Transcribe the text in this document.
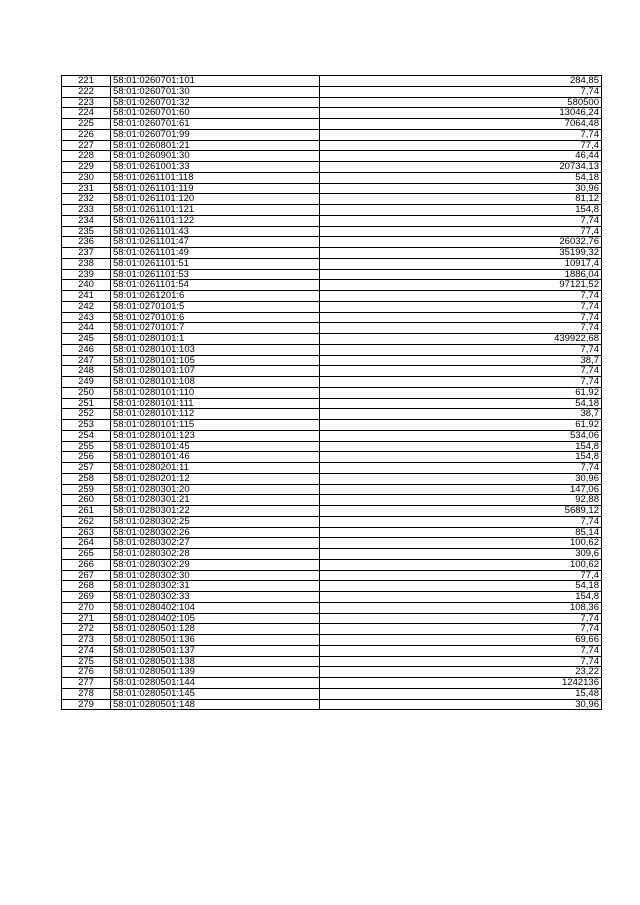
221	58:01:0260701:101	284,85
222	58:01:0260701:30	7,74
223	58:01:0260701:32	580500
224	58:01:0260701:60	13046,24
225	58:01:0260701:61	7064,48
226	58:01:0260701:99	7,74
227	58:01:0260801:21	77,4
228	58:01:0260901:30	46,44
229	58:01:0261001:33	20734,13
230	58:01:0261101:118	54,18
231	58:01:0261101:119	30,96
232	58:01:0261101:120	81,12
233	58:01:0261101:121	154,8
234	58:01:0261101:122	7,74
235	58:01:0261101:43	77,4
236	58:01:0261101:47	26032,76
237	58:01:0261101:49	35199,32
238	58:01:0261101:51	10917,4
239	58:01:0261101:53	1886,04
240	58:01:0261101:54	97121,52
241	58:01:0261201:6	7,74
242	58:01:0270101:5	7,74
243	58:01:0270101:6	7,74
244	58:01:0270101:7	7,74
245	58:01:0280101:1	439922,68
246	58:01:0280101:103	7,74
247	58:01:0280101:105	38,7
248	58:01:0280101:107	7,74
249	58:01:0280101:108	7,74
250	58:01:0280101:110	61,92
251	58:01:0280101:111	54,18
252	58:01:0280101:112	38,7
253	58:01:0280101:115	61,92
254	58:01:0280101:123	534,06
255	58:01:0280101:45	154,8
256	58:01:0280101:46	154,8
257	58:01:0280201:11	7,74
258	58:01:0280201:12	30,96
259	58:01:0280301:20	147,06
260	58:01:0280301:21	92,88
261	58:01:0280301:22	5689,12
262	58:01:0280302:25	7,74
263	58:01:0280302:26	85,14
264	58:01:0280302:27	100,62
265	58:01:0280302:28	309,6
266	58:01:0280302:29	100,62
267	58:01:0280302:30	77,4
268	58:01:0280302:31	54,18
269	58:01:0280302:33	154,8
270	58:01:0280402:104	108,36
271	58:01:0280402:105	7,74
272	58:01:0280501:128	7,74
273	58:01:0280501:136	69,66
274	58:01:0280501:137	7,74
275	58:01:0280501:138	7,74
276	58:01:0280501:139	23,22
277	58:01:0280501:144	1242136
278	58:01:0280501:145	15,48
279	58:01:0280501:148	30,96
